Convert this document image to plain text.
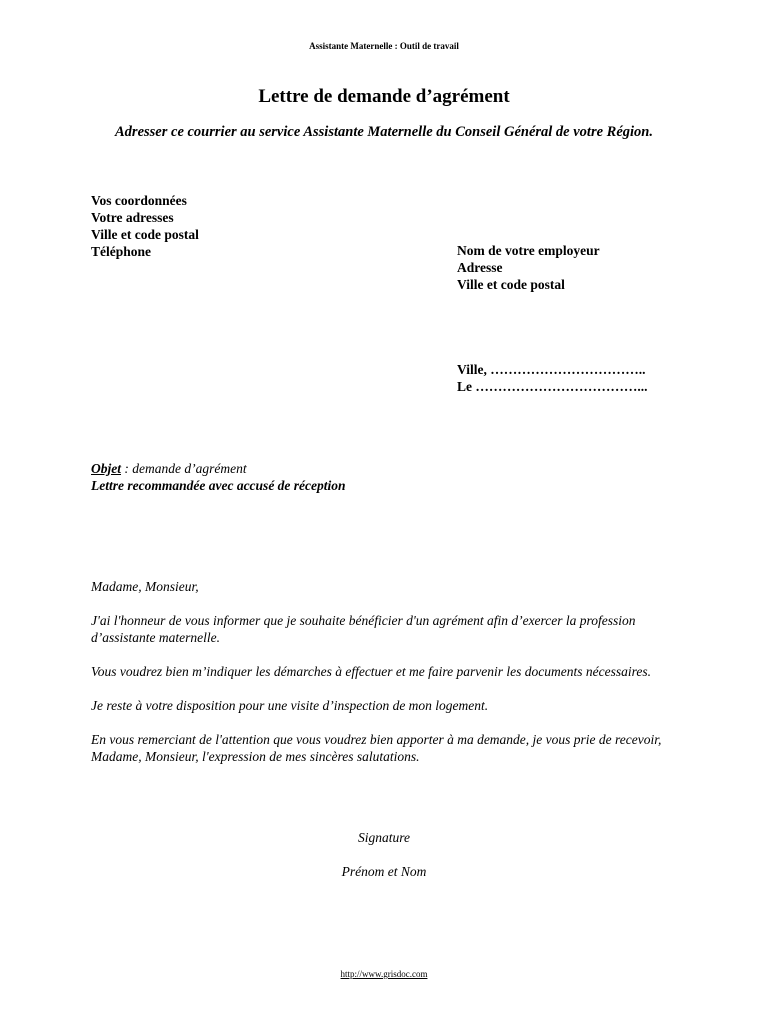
Assistante Maternelle : Outil de travail
Lettre de demande d’agrément
Adresser ce courrier au service Assistante Maternelle du Conseil Général de votre Région.
Vos coordonnées
Votre adresses
Ville et code postal
Téléphone	Nom de votre employeur
Adresse
Ville et code postal
Ville, ……………………………..
Le ………………………………...
Objet : demande d’agrément
Lettre recommandée avec accusé de réception

Madame, Monsieur,

J'ai l'honneur de vous informer que je souhaite bénéficier d'un agrément afin d’exercer la profession d’assistante maternelle.

Vous voudrez bien m’indiquer les démarches à effectuer et me faire parvenir les documents nécessaires.

Je reste à votre disposition pour une visite d’inspection de mon logement.

En vous remerciant de l'attention que vous voudrez bien apporter à ma demande, je vous prie de recevoir, Madame, Monsieur, l'expression de mes sincères salutations.

Signature
Prénom et Nom
http://www.grisdoc.com
